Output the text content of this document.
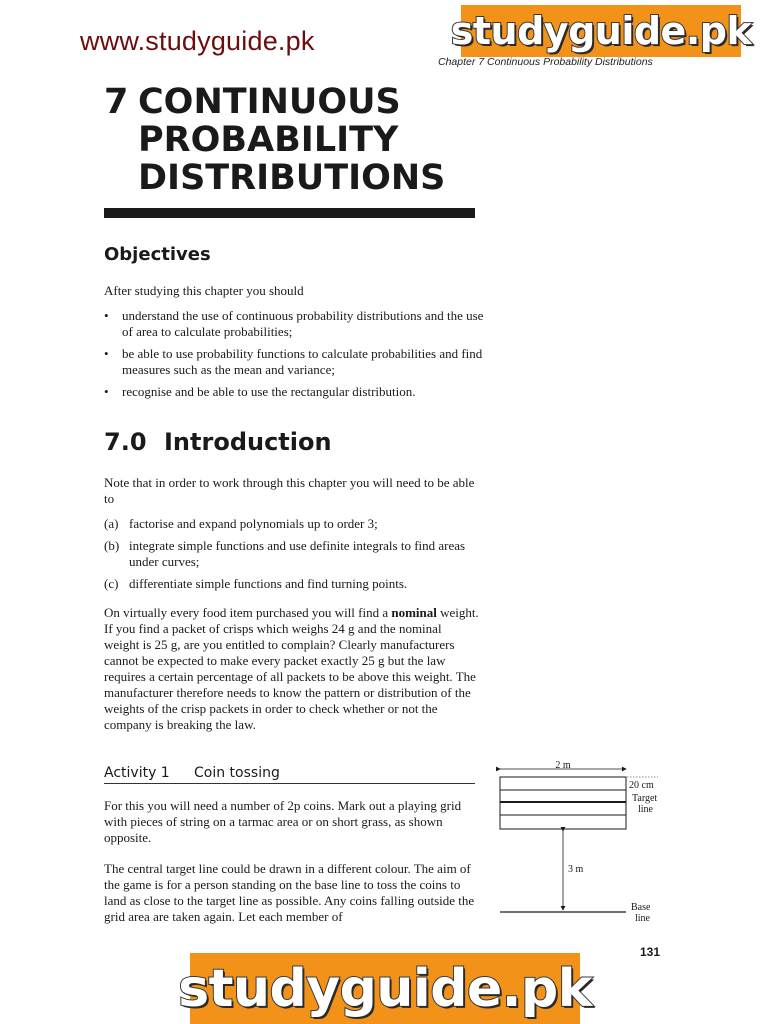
www.studyguide.pk	studyguide.pk
Chapter 7 Continuous Probability Distributions
7 CONTINUOUS
PROBABILITY
DISTRIBUTIONS
Objectives
After studying this chapter you should
• understand the use of continuous probability distributions and the use of area to calculate probabilities;
• be able to use probability functions to calculate probabilities and find measures such as the mean and variance;
• recognise and be able to use the rectangular distribution.
7.0 Introduction
Note that in order to work through this chapter you will need to be able to
(a) factorise and expand polynomials up to order 3;
(b) integrate simple functions and use definite integrals to find areas under curves;
(c) differentiate simple functions and find turning points.
On virtually every food item purchased you will find a nominal weight. If you find a packet of crisps which weighs 24 g and the nominal weight is 25 g, are you entitled to complain? Clearly manufacturers cannot be expected to make every packet exactly 25 g but the law requires a certain percentage of all packets to be above this weight. The manufacturer therefore needs to know the pattern or distribution of the weights of the crisp packets in order to check whether or not the company is breaking the law.
Activity 1	Coin tossing
For this you will need a number of 2p coins. Mark out a playing grid with pieces of string on a tarmac area or on short grass, as shown opposite.
The central target line could be drawn in a different colour. The aim of the game is for a person standing on the base line to toss the coins to land as close to the target line as possible. Any coins falling outside the grid area are taken again. Let each member of
2 m
20 cm
Target
line
3 m
Base
line
131
studyguide.pk
